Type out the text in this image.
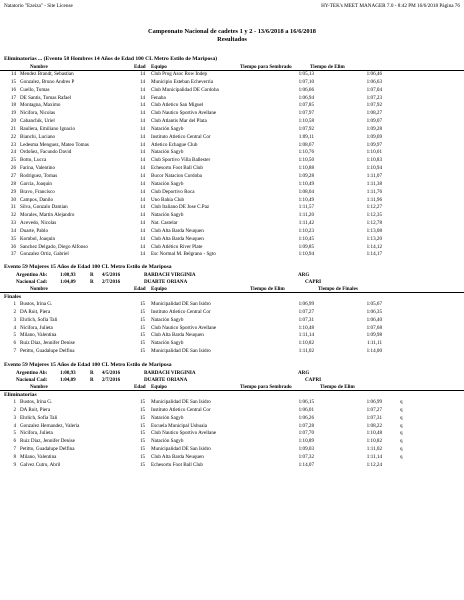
Natatorio "Ezeiza" - Site License	HY-TEK's MEET MANAGER 7.0 - 8:42 PM 16/6/2018 Página 76
Campeonato Nacional de cadetes 1 y 2 - 13/6/2018 a 16/6/2018
Resultados
Eliminatorias ... (Evento 58 Hombres 14 Años de Edad 100 CL Metro Estilo de Mariposa)
Nombre	Edad Equipo	Tiempo para Sembrado	Tiempo de Elim
14 Mendez Brandt, Sebastian	14 Club Prog Asoc Row Indep	1:05,13	1:06,46
15 Gonzalez, Bruno Andres P	14 Municipio Esteban Echeverria	1:07,10	1:06,63
16 Cuello, Tomas	14 Club Municipalidad DE Cordoba	1:06,66	1:07,04
17 DE Santis, Tomas Rafael	14 Fenaba	1:06,94	1:07,23
18 Montagna, Maximo	14 Club Atletico San Miguel	1:07,85	1:07,92
19 Nicifora, Nicolas	14 Club Nautico Sportivo Avellane	1:07,97	1:08,27
20 Cabanchik, Uriel	14 Club Atlantis Mar del Plata	1:10,58	1:09,07
21 Rauliera, Emiliano Ignacio	14 Natación Sagyb	1:07,92	1:09,28
22 Bianchi, Luciano	14 Instituto Atletico Central Cor	1:09,11	1:09,69
23 Ledesma Menguez, Mateo Tomas	14 Atletico Echague Club	1:08,67	1:09,97
24 Ordoñez, Facundo David	14 Natación Sagyb	1:10,76	1:10,01
25 Botto, Lucca	14 Club Sportivo Villa Ballester	1:10,50	1:10,83
26 Farina, Valentino	14 Echesortu Foot Ball Club	1:10,88	1:10,94
27 Rodriguez, Tomas	14 Bucor Natacion Cordoba	1:09,28	1:11,07
28 Garcia, Joaquin	14 Natación Sagyb	1:10,49	1:11,38
29 Bravo, Francisco	14 Club Deportivo Roca	1:08,04	1:11,76
30 Campos, Danilo	14 Uno Bahía Club	1:10,49	1:11,96
31 Silva, Gonzalo Damian	14 Club Italiano DE Jose C.Paz	1:11,57	1:12,27
32 Morales, Martin Alejandro	14 Natación Sagyb	1:11,20	1:12,35
33 Acevedo, Nicolas	14 Nat. Castelar	1:11,42	1:12,78
34 Duarte, Pablo	14 Club Alta Barda Neuquen	1:10,23	1:13,08
35 Kombol, Joaquin	14 Club Alta Barda Neuquen	1:10,45	1:13,20
36 Sanchez Delgado, Diego Alfonso	14 Club Atlético River Plate	1:09,85	1:14,12
37 Gonzalez Ortiz, Gabriel	14 Esc Normal M. Belgrano - Sgto	1:10,94	1:14,17
Evento 59 Mujeres 15 Años de Edad 100 CL Metro Estilo de Mariposa
Argentino Ab: 1:00,93	R 4/5/2016	BARDACH VIRGINIA	ARG
Nacional Cad: 1:04,09	R 2/7/2016	DUARTE ORIANA	CAPRI
Nombre	Edad Equipo	Tiempo de Elim	Tiempo de Finales
Finales
1 Bustos, Irina G.	15 Municipalidad DE San Isidro	1:06,99	1:05,67
2 DA Roit, Piera	15 Instituto Atletico Central Cor	1:07,27	1:06,35
3 Ehrlich, Sofia Tali	15 Natación Sagyb	1:07,31	1:06,40
4 Nicifora, Julieta	15 Club Nautico Sportivo Avellane	1:10,48	1:07,68
5 Milano, Valentina	15 Club Alta Barda Neuquen	1:11,14	1:09,98
6 Ruiz Diaz, Jennifer Denise	15 Natación Sagyb	1:10,82	1:11,11
7 Petitto, Guadalupe Delfina	15 Municipalidad DE San Isidro	1:11,02	1:14,00
Evento 59 Mujeres 15 Años de Edad 100 CL Metro Estilo de Mariposa
Argentino Ab: 1:00,93	R 4/5/2016	BARDACH VIRGINIA	ARG
Nacional Cad: 1:04,09	R 2/7/2016	DUARTE ORIANA	CAPRI
Nombre	Edad Equipo	Tiempo para Sembrado	Tiempo de Elim
Eliminatorias
1 Bustos, Irina G.	15 Municipalidad DE San Isidro	1:06,15	1:06,99	q
2 DA Roit, Piera	15 Instituto Atletico Central Cor	1:06,01	1:07,27	q
3 Ehrlich, Sofia Tali	15 Natación Sagyb	1:06,26	1:07,31	q
4 Gonzalez Hernandez, Valeria	15 Escuela Municipal Ushuaia	1:07,28	1:08,22	q
5 Nicifora, Julieta	15 Club Nautico Sportivo Avellane	1:07,70	1:10,48	q
6 Ruiz Diaz, Jennifer Denise	15 Natación Sagyb	1:10,89	1:10,82	q
7 Petitto, Guadalupe Delfina	15 Municipalidad DE San Isidro	1:09,03	1:11,02	q
8 Milano, Valentina	15 Club Alta Barda Neuquen	1:07,32	1:11,14	q
9 Galvez Cutro, Abril	15 Echesortu Foot Ball Club	1:14,07	1:12,24
